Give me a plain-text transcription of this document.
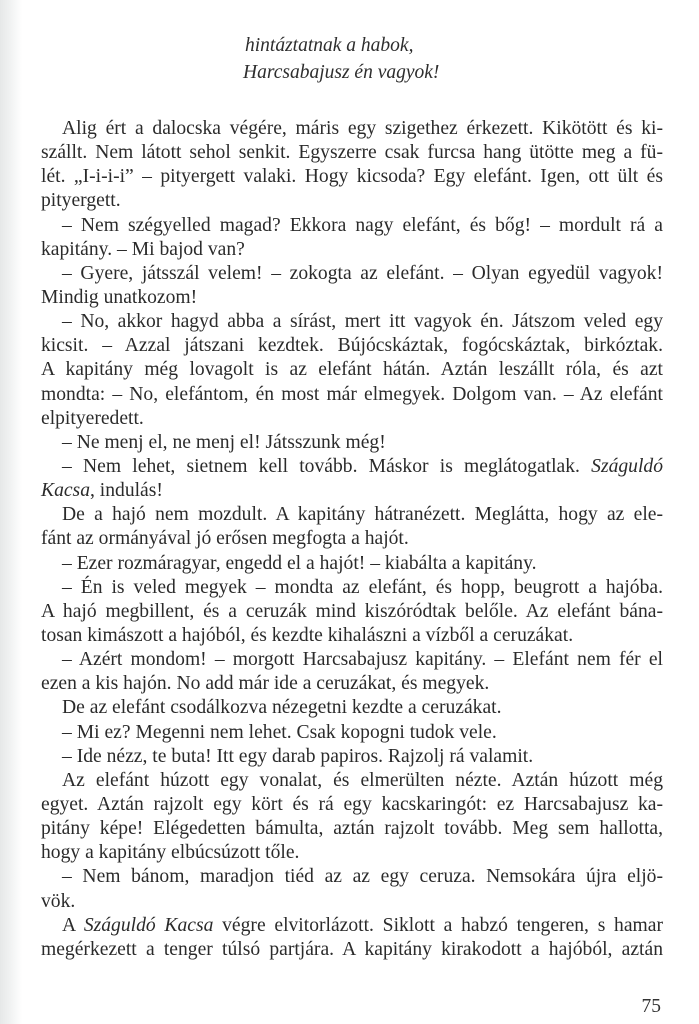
hintáztatnak a habok,
Harcsabajusz én vagyok!
Alig ért a dalocska végére, máris egy szigethez érkezett. Kikötött és ki-
szállt. Nem látott sehol senkit. Egyszerre csak furcsa hang ütötte meg a fü-
lét. „I-i-i-i” – pityergett valaki. Hogy kicsoda? Egy elefánt. Igen, ott ült és
pityergett.
– Nem szégyelled magad? Ekkora nagy elefánt, és bőg! – mordult rá a
kapitány. – Mi bajod van?
– Gyere, játsszál velem! – zokogta az elefánt. – Olyan egyedül vagyok!
Mindig unatkozom!
– No, akkor hagyd abba a sírást, mert itt vagyok én. Játszom veled egy
kicsit. – Azzal játszani kezdtek. Bújócskáztak, fogócskáztak, birkóztak.
A kapitány még lovagolt is az elefánt hátán. Aztán leszállt róla, és azt
mondta: – No, elefántom, én most már elmegyek. Dolgom van. – Az elefánt
elpityeredett.
– Ne menj el, ne menj el! Játsszunk még!
– Nem lehet, sietnem kell tovább. Máskor is meglátogatlak. Száguldó
Kacsa, indulás!
De a hajó nem mozdult. A kapitány hátranézett. Meglátta, hogy az ele-
fánt az ormányával jó erősen megfogta a hajót.
– Ezer rozmáragyar, engedd el a hajót! – kiabálta a kapitány.
– Én is veled megyek – mondta az elefánt, és hopp, beugrott a hajóba.
A hajó megbillent, és a ceruzák mind kiszóródtak belőle. Az elefánt bána-
tosan kimászott a hajóból, és kezdte kihalászni a vízből a ceruzákat.
– Azért mondom! – morgott Harcsabajusz kapitány. – Elefánt nem fér el
ezen a kis hajón. No add már ide a ceruzákat, és megyek.
De az elefánt csodálkozva nézegetni kezdte a ceruzákat.
– Mi ez? Megenni nem lehet. Csak kopogni tudok vele.
– Ide nézz, te buta! Itt egy darab papiros. Rajzolj rá valamit.
Az elefánt húzott egy vonalat, és elmerülten nézte. Aztán húzott még
egyet. Aztán rajzolt egy kört és rá egy kacskaringót: ez Harcsabajusz ka-
pitány képe! Elégedetten bámulta, aztán rajzolt tovább. Meg sem hallotta,
hogy a kapitány elbúcsúzott tőle.
– Nem bánom, maradjon tiéd az az egy ceruza. Nemsokára újra eljö-
vök.
A Száguldó Kacsa végre elvitorlázott. Siklott a habzó tengeren, s hamar
megérkezett a tenger túlsó partjára. A kapitány kirakodott a hajóból, aztán
75
